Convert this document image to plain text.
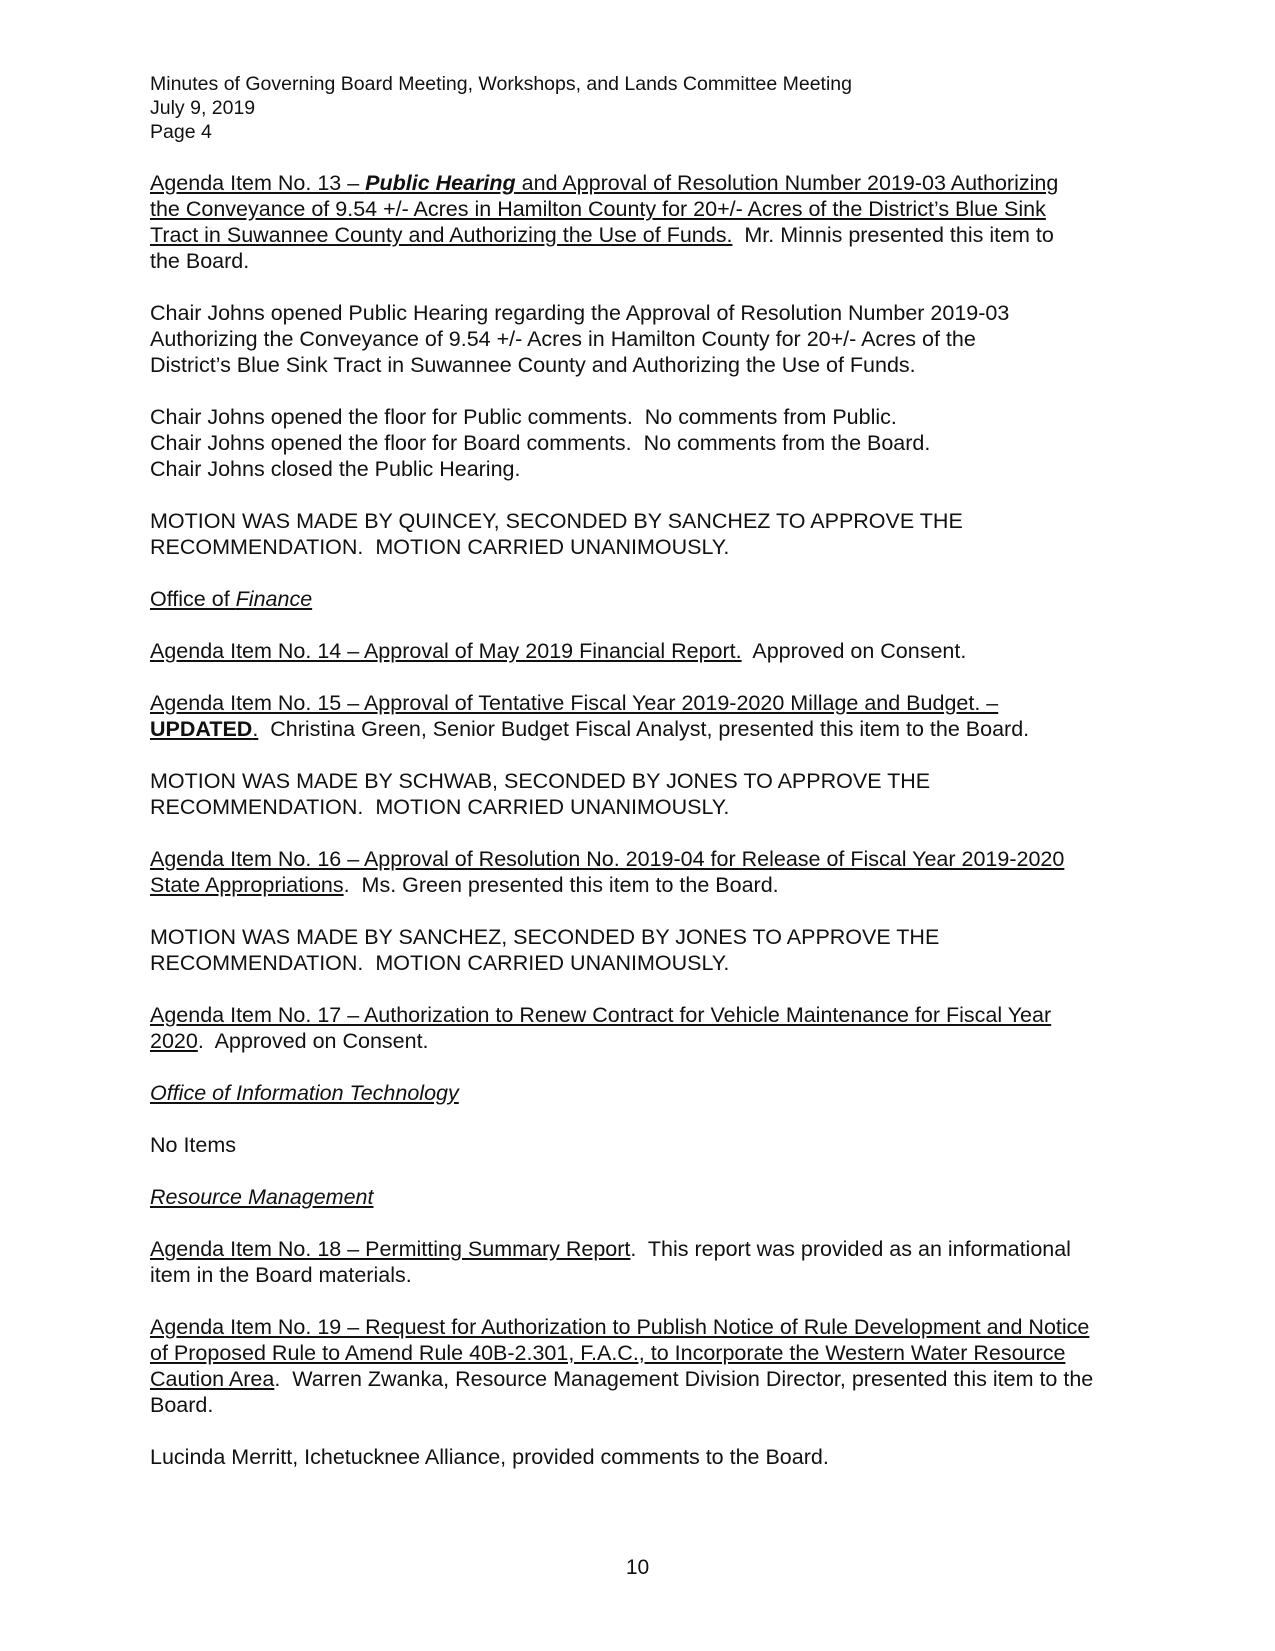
Minutes of Governing Board Meeting, Workshops, and Lands Committee Meeting
July 9, 2019
Page 4
Agenda Item No. 13 – Public Hearing and Approval of Resolution Number 2019-03 Authorizing
the Conveyance of 9.54 +/- Acres in Hamilton County for 20+/- Acres of the District’s Blue Sink
Tract in Suwannee County and Authorizing the Use of Funds.  Mr. Minnis presented this item to
the Board.
Chair Johns opened Public Hearing regarding the Approval of Resolution Number 2019-03
Authorizing the Conveyance of 9.54 +/- Acres in Hamilton County for 20+/- Acres of the
District’s Blue Sink Tract in Suwannee County and Authorizing the Use of Funds.
Chair Johns opened the floor for Public comments.  No comments from Public.
Chair Johns opened the floor for Board comments.  No comments from the Board.
Chair Johns closed the Public Hearing.
MOTION WAS MADE BY QUINCEY, SECONDED BY SANCHEZ TO APPROVE THE
RECOMMENDATION.  MOTION CARRIED UNANIMOUSLY.
Office of Finance
Agenda Item No. 14 – Approval of May 2019 Financial Report.  Approved on Consent.
Agenda Item No. 15 – Approval of Tentative Fiscal Year 2019-2020 Millage and Budget. –
UPDATED.  Christina Green, Senior Budget Fiscal Analyst, presented this item to the Board.
MOTION WAS MADE BY SCHWAB, SECONDED BY JONES TO APPROVE THE
RECOMMENDATION.  MOTION CARRIED UNANIMOUSLY.
Agenda Item No. 16 – Approval of Resolution No. 2019-04 for Release of Fiscal Year 2019-2020
State Appropriations.  Ms. Green presented this item to the Board.
MOTION WAS MADE BY SANCHEZ, SECONDED BY JONES TO APPROVE THE
RECOMMENDATION.  MOTION CARRIED UNANIMOUSLY.
Agenda Item No. 17 – Authorization to Renew Contract for Vehicle Maintenance for Fiscal Year
2020.  Approved on Consent.
Office of Information Technology
No Items
Resource Management
Agenda Item No. 18 – Permitting Summary Report.  This report was provided as an informational
item in the Board materials.
Agenda Item No. 19 – Request for Authorization to Publish Notice of Rule Development and Notice
of Proposed Rule to Amend Rule 40B-2.301, F.A.C., to Incorporate the Western Water Resource
Caution Area.  Warren Zwanka, Resource Management Division Director, presented this item to the
Board.
Lucinda Merritt, Ichetucknee Alliance, provided comments to the Board.
10
